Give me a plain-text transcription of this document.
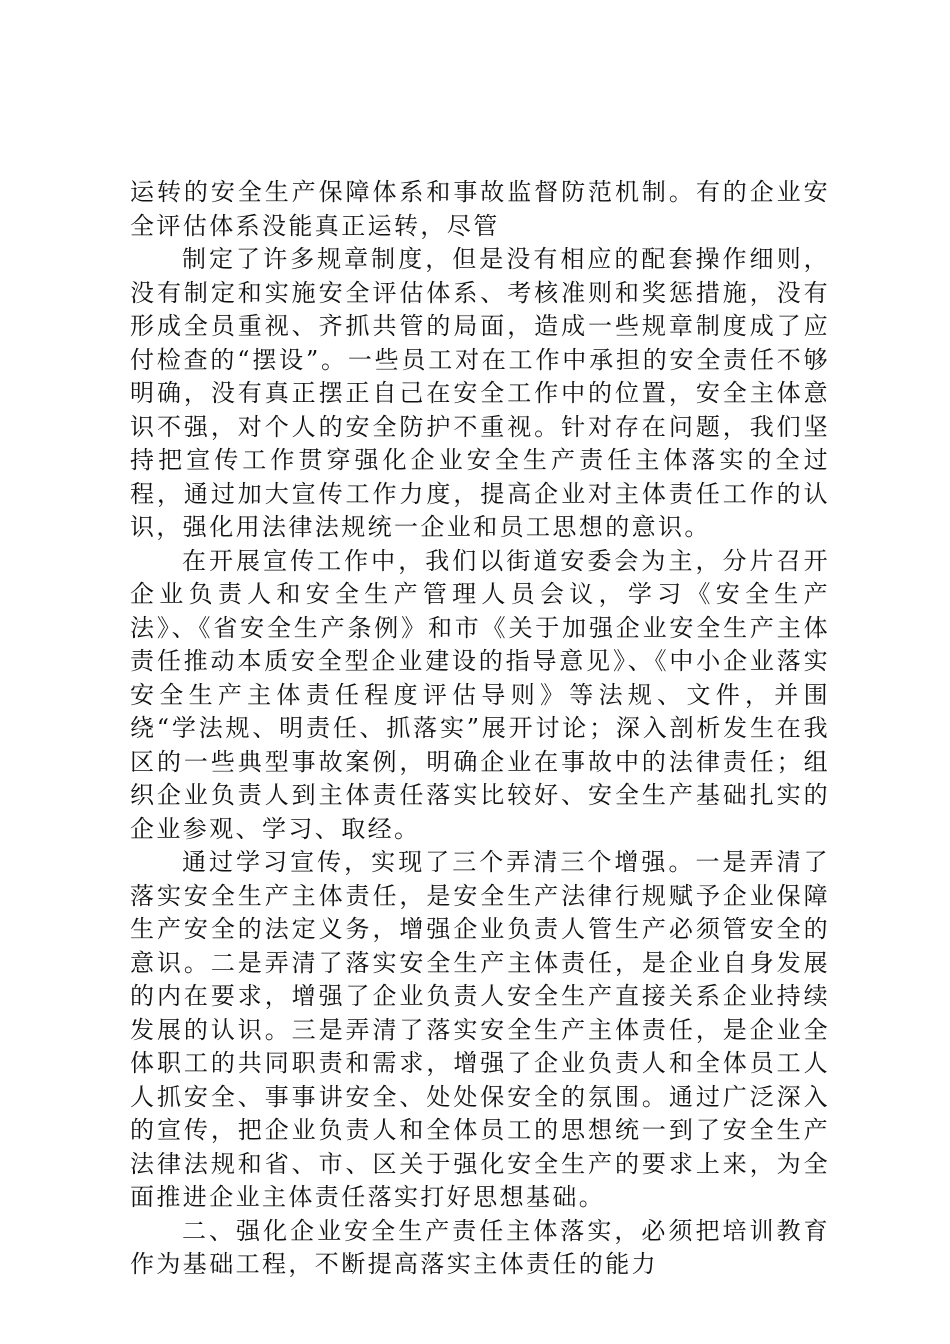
运转的安全生产保障体系和事故监督防范机制。有的企业安全评估体系没能真正运转，尽管

制定了许多规章制度，但是没有相应的配套操作细则，没有制定和实施安全评估体系、考核准则和奖惩措施，没有形成全员重视、齐抓共管的局面，造成一些规章制度成了应付检查的“摆设”。一些员工对在工作中承担的安全责任不够明确，没有真正摆正自己在安全工作中的位置，安全主体意识不强，对个人的安全防护不重视。针对存在问题，我们坚持把宣传工作贯穿强化企业安全生产责任主体落实的全过程，通过加大宣传工作力度，提高企业对主体责任工作的认识，强化用法律法规统一企业和员工思想的意识。

在开展宣传工作中，我们以街道安委会为主，分片召开企业负责人和安全生产管理人员会议，学习《安全生产法》、《省安全生产条例》和市《关于加强企业安全生产主体责任推动本质安全型企业建设的指导意见》、《中小企业落实安全生产主体责任程度评估导则》等法规、文件，并围绕“学法规、明责任、抓落实”展开讨论；深入剖析发生在我区的一些典型事故案例，明确企业在事故中的法律责任；组织企业负责人到主体责任落实比较好、安全生产基础扎实的企业参观、学习、取经。

通过学习宣传，实现了三个弄清三个增强。一是弄清了落实安全生产主体责任，是安全生产法律行规赋予企业保障生产安全的法定义务，增强企业负责人管生产必须管安全的意识。二是弄清了落实安全生产主体责任，是企业自身发展的内在要求，增强了企业负责人安全生产直接关系企业持续发展的认识。三是弄清了落实安全生产主体责任，是企业全体职工的共同职责和需求，增强了企业负责人和全体员工人人抓安全、事事讲安全、处处保安全的氛围。通过广泛深入的宣传，把企业负责人和全体员工的思想统一到了安全生产法律法规和省、市、区关于强化安全生产的要求上来，为全面推进企业主体责任落实打好思想基础。

二、强化企业安全生产责任主体落实，必须把培训教育作为基础工程，不断提高落实主体责任的能力
